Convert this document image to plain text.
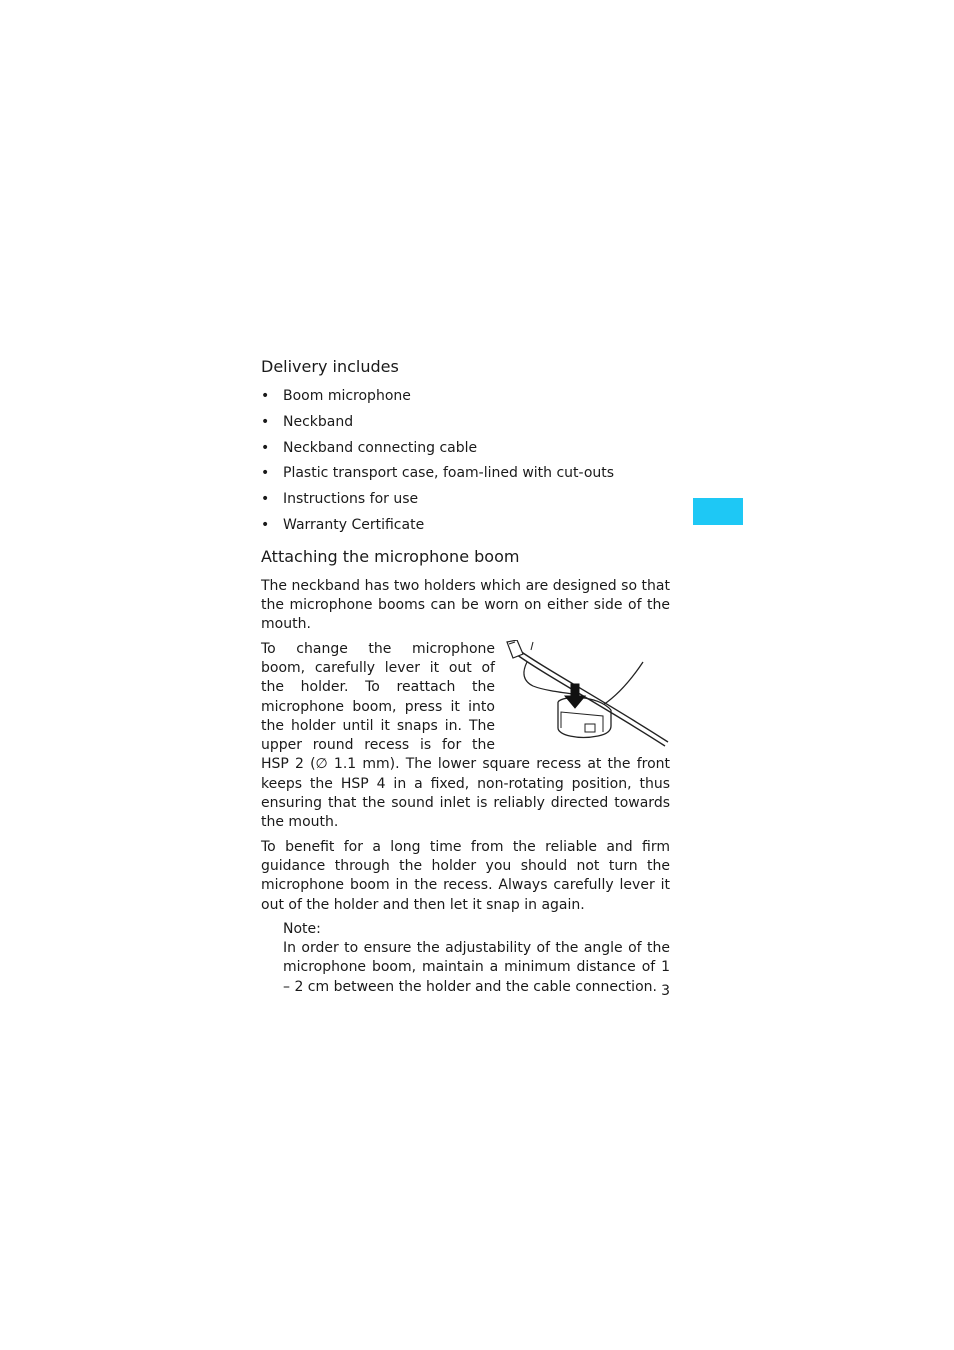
Delivery includes
• Boom microphone
• Neckband
• Neckband connecting cable
• Plastic transport case, foam-lined with cut-outs
• Instructions for use
• Warranty Certificate
Attaching the microphone boom

The neckband has two holders which are designed so that the microphone booms can be worn on either side of the mouth.

To change the microphone boom, carefully lever it out of the holder. To reattach the microphone boom, press it into the holder until it snaps in. The upper round recess is for the HSP 2 (∅ 1.1 mm). The lower square recess at the front keeps the HSP 4 in a fixed, non-rotating position, thus ensuring that the sound inlet is reliably directed towards the mouth.

To benefit for a long time from the reliable and firm guidance through the holder you should not turn the microphone boom in the recess. Always carefully lever it out of the holder and then let it snap in again.

Note:

In order to ensure the adjustability of the angle of the microphone boom, maintain a minimum distance of 1 – 2 cm between the holder and the cable connection. 3
